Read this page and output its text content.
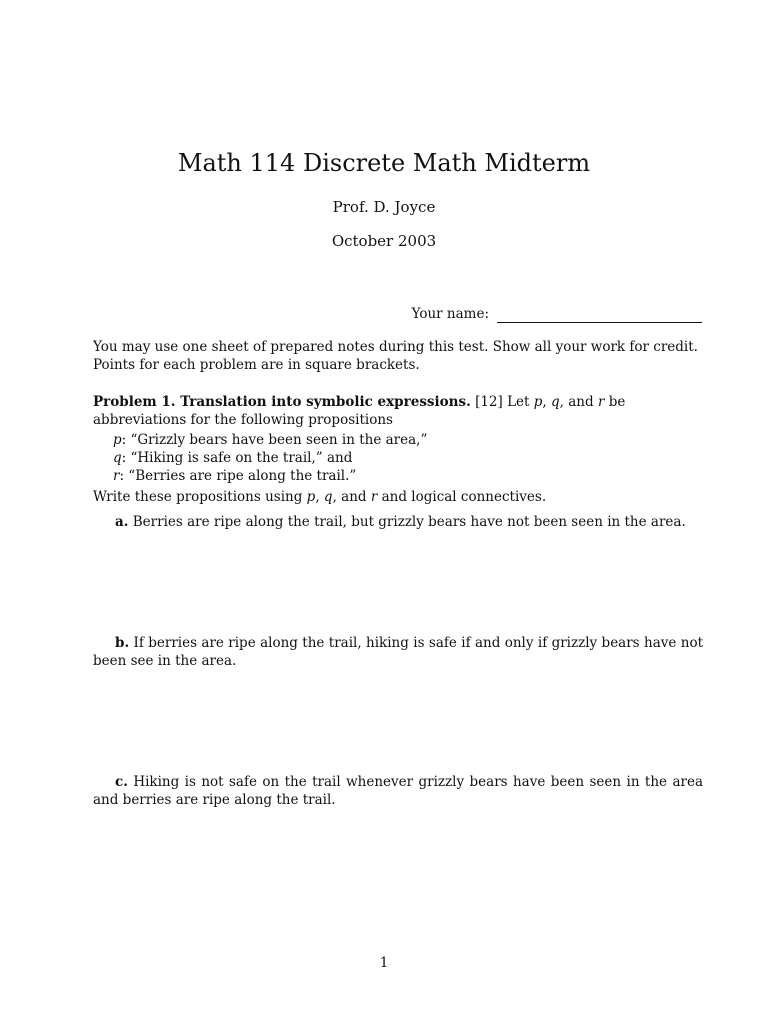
Math 114 Discrete Math Midterm
Prof. D. Joyce
October 2003
Your name:
You may use one sheet of prepared notes during this test. Show all your work for credit. Points for each problem are in square brackets.
Problem 1. Translation into symbolic expressions. [12] Let p, q, and r be abbreviations for the following propositions
p: “Grizzly bears have been seen in the area,”
q: “Hiking is safe on the trail,” and
r: “Berries are ripe along the trail.”
Write these propositions using p, q, and r and logical connectives.
a. Berries are ripe along the trail, but grizzly bears have not been seen in the area.
b. If berries are ripe along the trail, hiking is safe if and only if grizzly bears have not been see in the area.
c. Hiking is not safe on the trail whenever grizzly bears have been seen in the area and berries are ripe along the trail.
1
